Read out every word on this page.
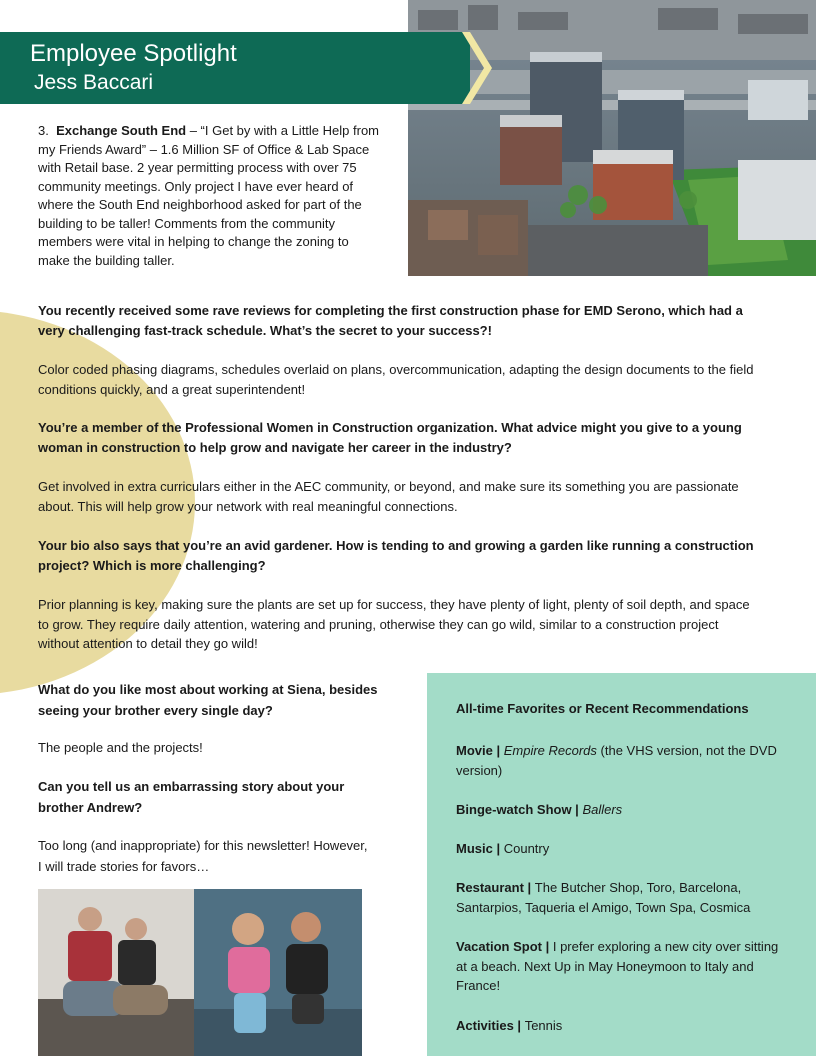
Employee Spotlight
Jess Baccari
3. Exchange South End – “I Get by with a Little Help from my Friends Award” – 1.6 Million SF of Office & Lab Space with Retail base. 2 year permitting process with over 75 community meetings. Only project I have ever heard of where the South End neighborhood asked for part of the building to be taller! Comments from the community members were vital in helping to change the zoning to make the building taller.

You recently received some rave reviews for completing the first construction phase for EMD Serono, which had a very challenging fast-track schedule. What’s the secret to your success?!

Color coded phasing diagrams, schedules overlaid on plans, overcommunication, adapting the design documents to the field conditions quickly, and a great superintendent!

You’re a member of the Professional Women in Construction organization. What advice might you give to a young woman in construction to help grow and navigate her career in the industry?

Get involved in extra curriculars either in the AEC community, or beyond, and make sure its something you are passionate about. This will help grow your network with real meaningful connections.

Your bio also says that you’re an avid gardener. How is tending to and growing a garden like running a construction project? Which is more challenging?

Prior planning is key, making sure the plants are set up for success, they have plenty of light, plenty of soil depth, and space to grow. They require daily attention, watering and pruning, otherwise they can go wild, similar to a construction project without attention to detail they go wild!

What do you like most about working at Siena, besides seeing your brother every single day?

The people and the projects!

Can you tell us an embarrassing story about your brother Andrew?

Too long (and inappropriate) for this newsletter! However, I will trade stories for favors…

All-time Favorites or Recent Recommendations
Movie | Empire Records (the VHS version, not the DVD version)
Binge-watch Show | Ballers
Music | Country
Restaurant | The Butcher Shop, Toro, Barcelona, Santarpios, Taqueria el Amigo, Town Spa, Cosmica
Vacation Spot | I prefer exploring a new city over sitting at a beach. Next Up in May Honeymoon to Italy and France!
Activities | Tennis
